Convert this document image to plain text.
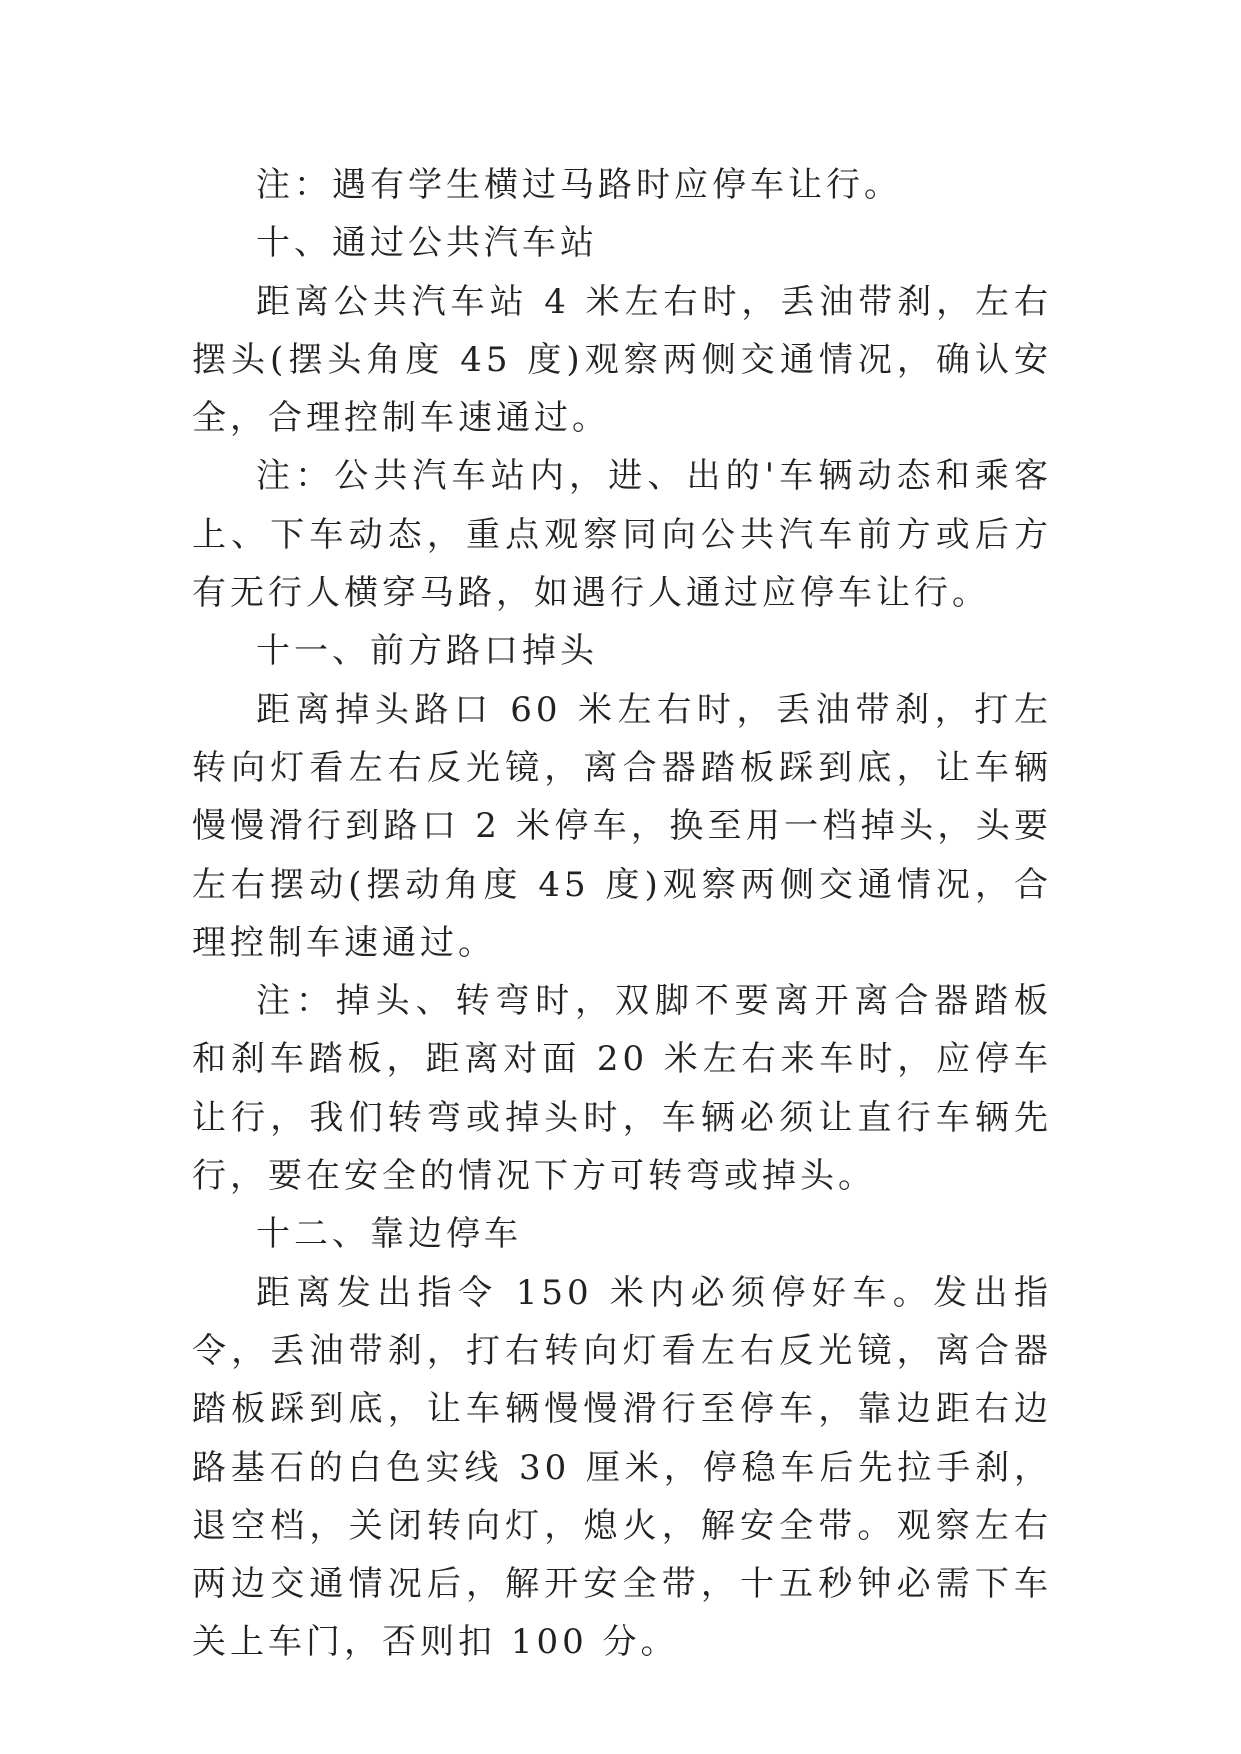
注：遇有学生横过马路时应停车让行。

十、通过公共汽车站

距离公共汽车站 4 米左右时，丢油带刹，左右摆头(摆头角度 45 度)观察两侧交通情况，确认安全，合理控制车速通过。

注：公共汽车站内，进、出的'车辆动态和乘客上、下车动态，重点观察同向公共汽车前方或后方有无行人横穿马路，如遇行人通过应停车让行。

十一、前方路口掉头

距离掉头路口 60 米左右时，丢油带刹，打左转向灯看左右反光镜，离合器踏板踩到底，让车辆慢慢滑行到路口 2 米停车，换至用一档掉头，头要左右摆动(摆动角度 45 度)观察两侧交通情况，合理控制车速通过。

注：掉头、转弯时，双脚不要离开离合器踏板和刹车踏板，距离对面 20 米左右来车时，应停车让行，我们转弯或掉头时，车辆必须让直行车辆先行，要在安全的情况下方可转弯或掉头。

十二、靠边停车

距离发出指令 150 米内必须停好车。发出指令，丢油带刹，打右转向灯看左右反光镜，离合器踏板踩到底，让车辆慢慢滑行至停车，靠边距右边路基石的白色实线 30 厘米，停稳车后先拉手刹，退空档，关闭转向灯，熄火，解安全带。观察左右两边交通情况后，解开安全带，十五秒钟必需下车关上车门，否则扣 100 分。
